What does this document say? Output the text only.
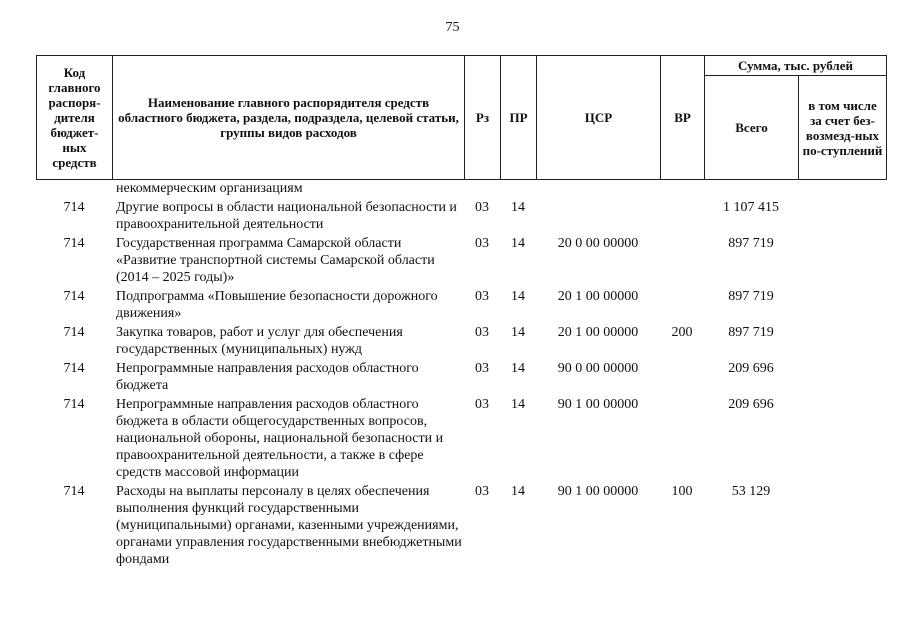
75
Код главного распоря-дителя бюджет-ных средств	Наименование главного распорядителя средств областного бюджета, раздела, подраздела, целевой статьи, группы видов расходов	Рз	ПР	ЦСР	ВР	Сумма, тыс. рублей	
						Всего	в том числе за счет без-возмезд-ных по-ступлений
	некоммерческим организациям						
714	Другие вопросы в области национальной безопасности и правоохранительной деятельности	03	14			1 107 415	
714	Государственная программа Самарской области «Развитие транспортной системы Самарской области (2014 – 2025 годы)»	03	14	20 0 00 00000		897 719	
714	Подпрограмма «Повышение безопасности дорожного движения»	03	14	20 1 00 00000		897 719	
714	Закупка товаров, работ и услуг для обеспечения государственных (муниципальных) нужд	03	14	20 1 00 00000	200	897 719	
714	Непрограммные направления расходов областного бюджета	03	14	90 0 00 00000		209 696	
714	Непрограммные направления расходов областного бюджета в области общегосударственных вопросов, национальной обороны, национальной безопасности и правоохранительной деятельности, а также в сфере средств массовой информации	03	14	90 1 00 00000		209 696	
714	Расходы на выплаты персоналу в целях обеспечения выполнения функций государственными (муниципальными) органами, казенными учреждениями, органами управления государственными внебюджетными фондами	03	14	90 1 00 00000	100	53 129	
